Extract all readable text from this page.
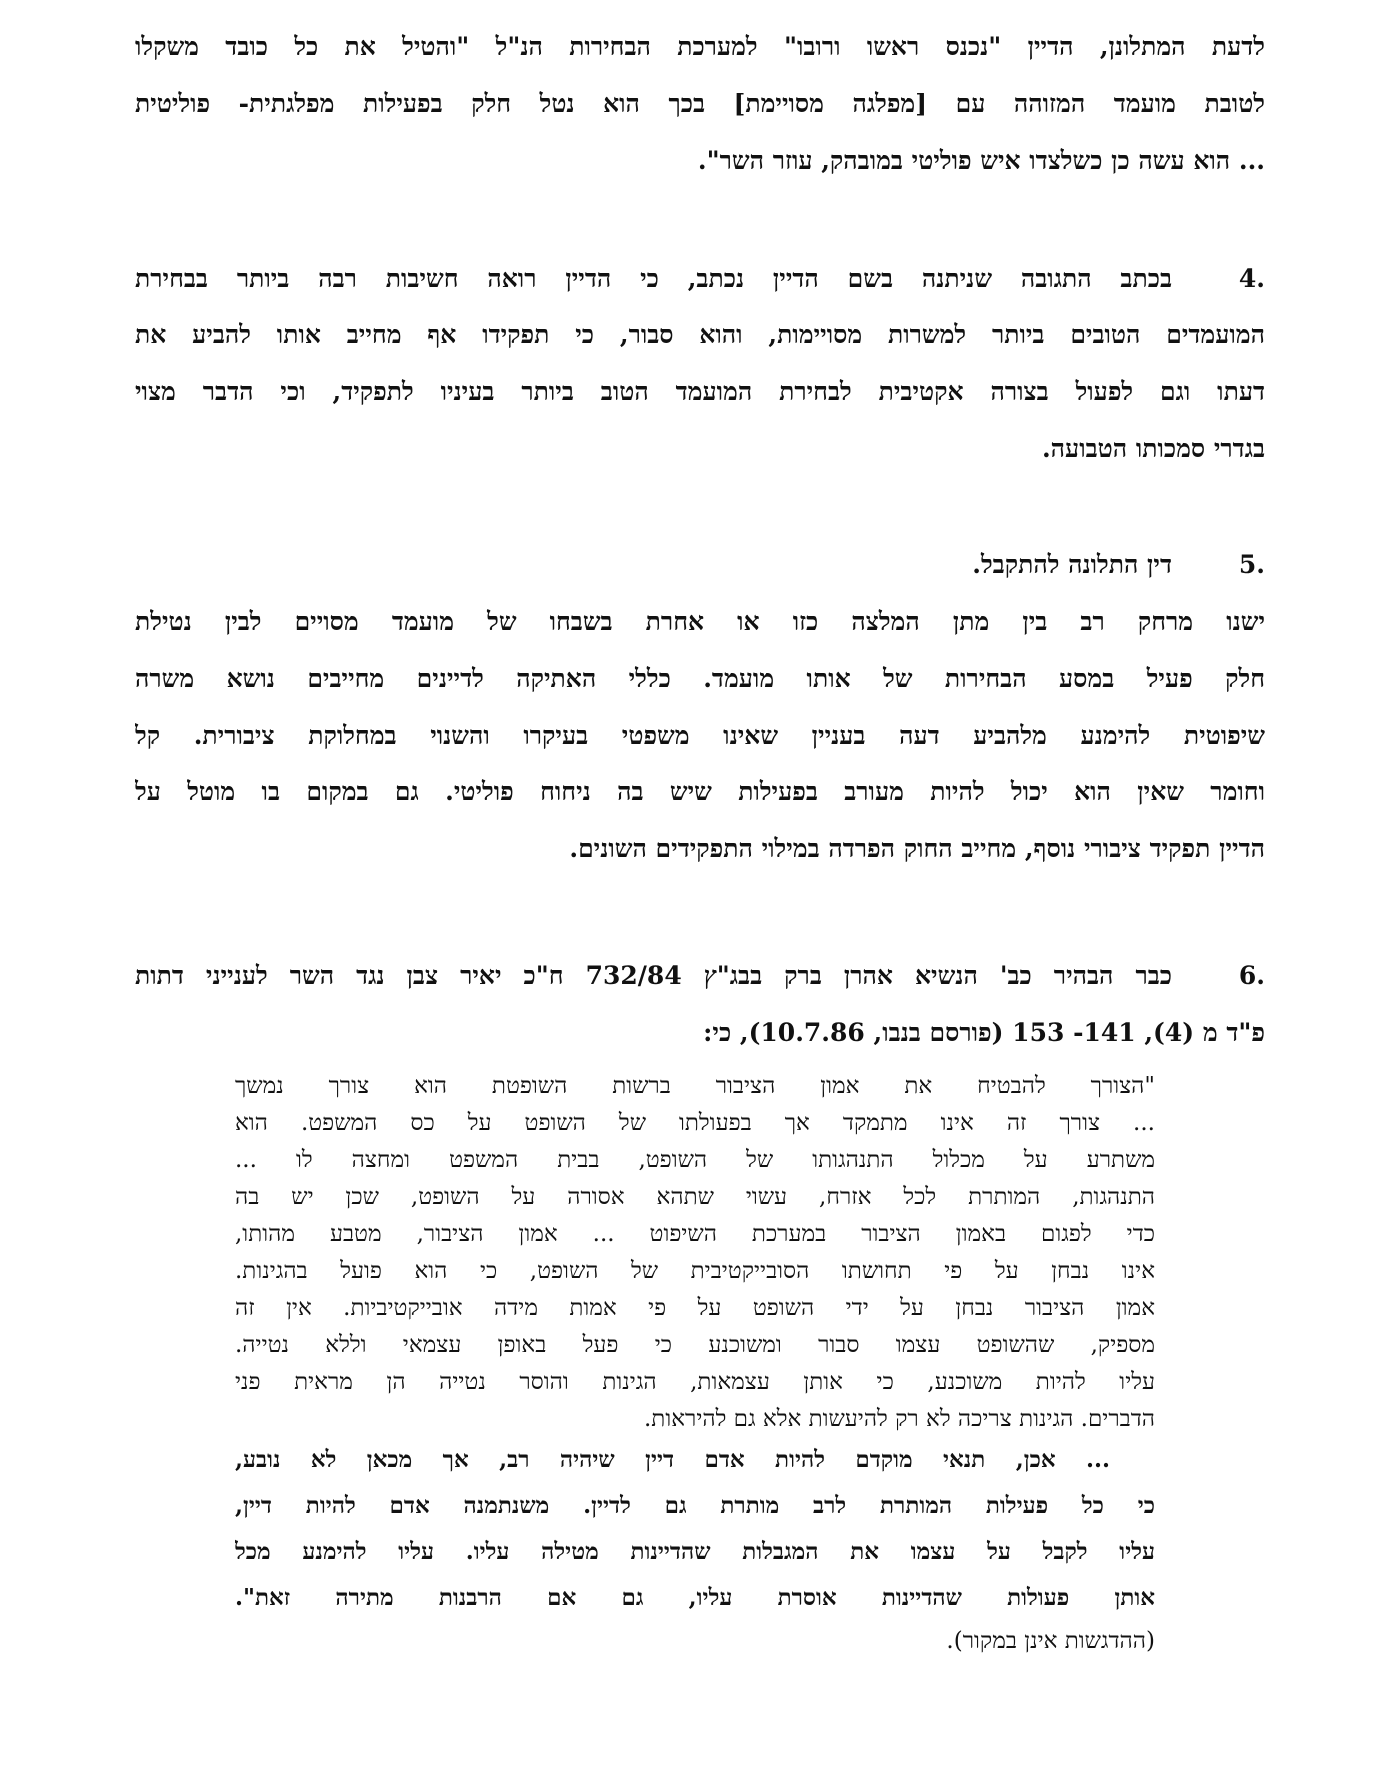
לדעת המתלונן, הדיין "נכנס ראשו ורובו" למערכת הבחירות הנ"ל "והטיל את כל כובד משקלו
לטובת מועמד המזוהה עם [מפלגה מסויימת] בכך הוא נטל חלק בפעילות מפלגתית- פוליטית
... הוא עשה כן כשלצדו איש פוליטי במובהק, עוזר השר".
4.
בכתב התגובה שניתנה בשם הדיין נכתב, כי הדיין רואה חשיבות רבה ביותר בבחירת
המועמדים הטובים ביותר למשרות מסויימות, והוא סבור, כי תפקידו אף מחייב אותו להביע את
דעתו וגם לפעול בצורה אקטיבית לבחירת המועמד הטוב ביותר בעיניו לתפקיד, וכי הדבר מצוי
בגדרי סמכותו הטבועה.
5.
דין התלונה להתקבל.
ישנו מרחק רב בין מתן המלצה כזו או אחרת בשבחו של מועמד מסויים לבין נטילת
חלק פעיל במסע הבחירות של אותו מועמד. כללי האתיקה לדיינים מחייבים נושא משרה
שיפוטית להימנע מלהביע דעה בעניין שאינו משפטי בעיקרו והשנוי במחלוקת ציבורית. קל
וחומר שאין הוא יכול להיות מעורב בפעילות שיש בה ניחוח פוליטי. גם במקום בו מוטל על
הדיין תפקיד ציבורי נוסף, מחייב החוק הפרדה במילוי התפקידים השונים.
6.
כבר הבהיר כב' הנשיא אהרן ברק בבג"ץ 732/84 ח"כ יאיר צבן נגד השר לענייני דתות
פ"ד מ (4), 141- 153 (פורסם בנבו, 10.7.86), כי:
"הצורך להבטיח את אמון הציבור ברשות השופטת הוא צורך נמשך
... צורך זה אינו מתמקד אך בפעולתו של השופט על כס המשפט. הוא
משתרע על מכלול התנהגותו של השופט, בבית המשפט ומחצה לו ...
התנהגות, המותרת לכל אזרח, עשוי שתהא אסורה על השופט, שכן יש בה
כדי לפגום באמון הציבור במערכת השיפוט ... אמון הציבור, מטבע מהותו,
אינו נבחן על פי תחושתו הסובייקטיבית של השופט, כי הוא פועל בהגינות.
אמון הציבור נבחן על ידי השופט על פי אמות מידה אובייקטיביות. אין זה
מספיק, שהשופט עצמו סבור ומשוכנע כי פעל באופן עצמאי וללא נטייה.
עליו להיות משוכנע, כי אותן עצמאות, הגינות והוסר נטייה הן מראית פני
הדברים. הגינות צריכה לא רק להיעשות אלא גם להיראות.
... אכן, תנאי מוקדם להיות אדם דיין שיהיה רב, אך מכאן לא נובע,
כי כל פעילות המותרת לרב מותרת גם לדיין. משנתמנה אדם להיות דיין,
עליו לקבל על עצמו את המגבלות שהדיינות מטילה עליו. עליו להימנע מכל
אותן פעולות שהדיינות אוסרת עליו, גם אם הרבנות מתירה זאת".
(ההדגשות אינן במקור).
